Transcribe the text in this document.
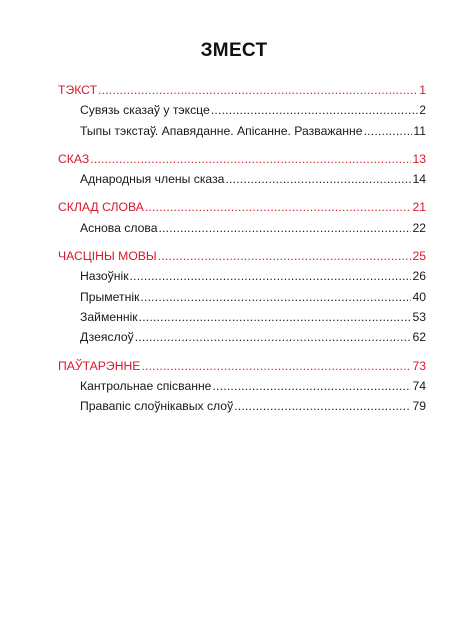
ЗМЕСТ
ТЭКСТ .....	1
Сувязь сказаў у тэксце .....	2
Тыпы тэкстаў. Апавяданне. Апісанне. Разважанне .....	11
СКАЗ .....	13
Аднародныя члены сказа .....	14
СКЛАД СЛОВА .....	21
Аснова слова .....	22
ЧАСЦІНЫ МОВЫ .....	25
Назоўнік .....	26
Прыметнік .....	40
Займеннік .....	53
Дзеяслоў .....	62
ПАЎТАРЭННЕ .....	73
Кантрольнае спісванне .....	74
Правапіс слоўнікавых слоў .....	79
